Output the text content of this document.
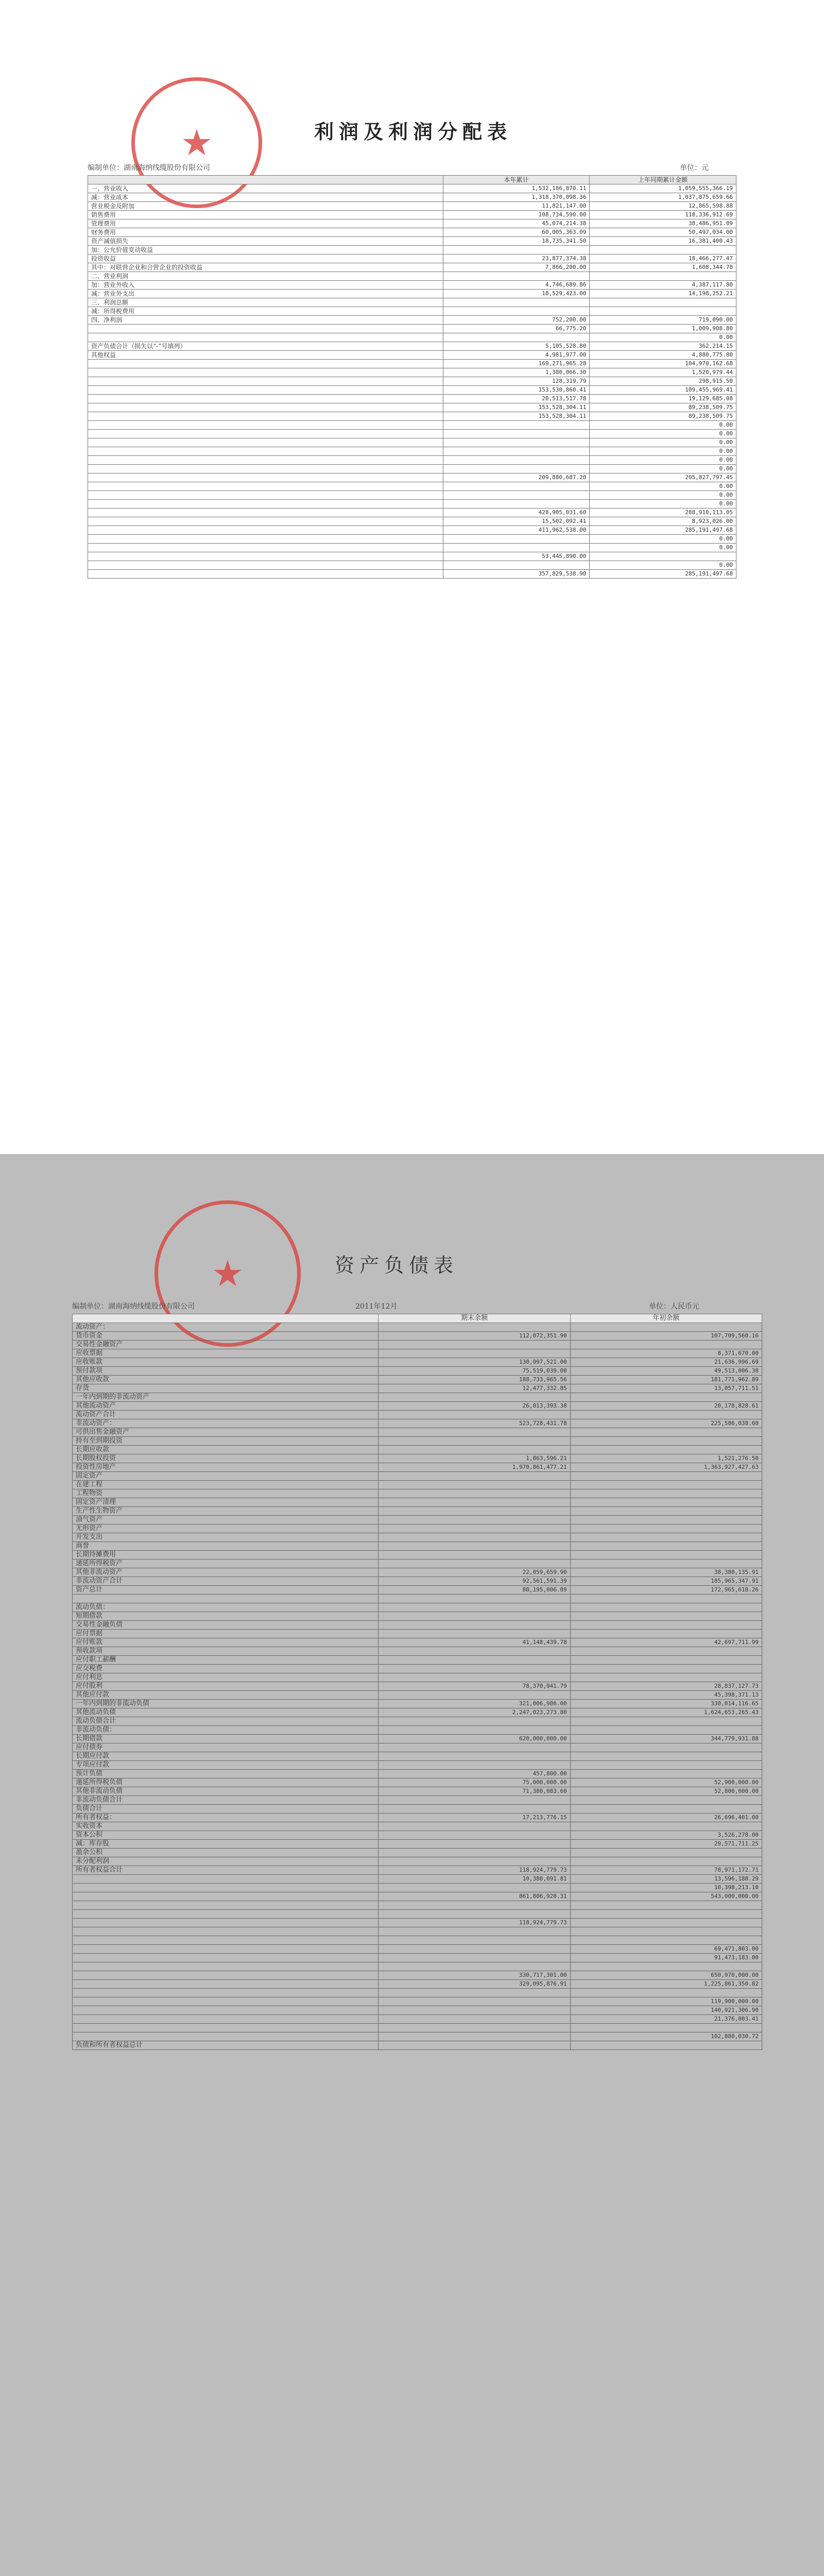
★	利润及利润分配表
编制单位：湖南海纳线缆股份有限公司	单位：元
	本年累计	上年同期累计金额
一、营业收入	1,532,186,870.11	1,059,555,366.19
减：营业成本	1,318,370,098.36	1,037,875,659.66
营业税金及附加	11,821,147.00	12,865,598.88
销售费用	108,734,590.00	118,336,912.69
管理费用	45,074,214.38	38,486,951.09
财务费用	60,005,363.09	50,497,034.00
资产减值损失	18,735,341.50	16,381,400.43
加：公允价值变动收益		
投资收益	23,877,374.38	18,466,277.47
其中：对联营企业和合营企业的投资收益	7,866,200.00	1,608,344.78
二、营业利润		
加：营业外收入	4,746,689.86	4,387,117.80
减：营业外支出	18,529,423.00	14,198,252.21
三、利润总额		
减：所得税费用		
四、净利润	752,200.00	719,090.00
	66,775.20	1,009,908.80
		0.00
资产负债合计（损失以“-”号填列）	5,105,528.80	362,214.15
其他权益	4,981,977.00	4,880,775.80
	169,271,965.28	104,970,162.68
	1,380,066.30	1,520,979.44
	128,319.79	298,915.50
	153,530,860.41	109,455,969.41
	20,513,517.78	19,129,685.08
	153,528,304.11	89,238,509.75
	153,528,304.11	89,238,509.75
		0.00
		0.00
		0.00
		0.00
		0.00
		0.00
	209,880,687.20	205,827,797.45
		0.00
		0.00
		0.00
	428,905,031.60	288,910,113.05
	15,502,092.41	8,923,026.00
	411,962,538.00	285,191,497.68
		0.00
		0.00
	53,445,890.00	
		0.00
	357,829,538.90	285,191,497.68
★	资产负债表
编制单位：湖南海纳线缆股份有限公司	2011年12月	单位：人民币元
	期末余额	年初余额
流动资产：		
货币资金	112,072,351.90	107,709,560.16
交易性金融资产		
应收票据		8,371,670.00
应收账款	130,097,521.00	21,636,996.69
预付款项	75,519,039.00	49,513,006.38
其他应收款	188,733,965.56	181,771,962.89
存货	12,477,332.85	13,057,711.51
一年内到期的非流动资产		
其他流动资产	26,813,393.38	20,178,828.61
流动资产合计		
非流动资产：	523,728,431.78	225,586,038.60
可供出售金融资产		
持有至到期投资		
长期应收款		
长期股权投资	1,863,596.21	1,521,276.50
投资性房地产	1,970,861,477.21	1,363,927,427.63
固定资产		
在建工程		
工程物资		
固定资产清理		
生产性生物资产		
油气资产		
无形资产		
开发支出		
商誉		
长期待摊费用		
递延所得税资产		
其他非流动资产	22,059,659.90	38,380,135.91
非流动资产合计	92,561,591.39	185,965,347.91
资产总计	88,195,006.09	172,965,618.26

流动负债：		
短期借款		
交易性金融负债		
应付票据		
应付账款	41,148,439.78	42,697,711.99
预收款项		
应付职工薪酬		
应交税费		
应付利息		
应付股利	78,370,941.79	28,837,127.73
其他应付款		45,398,371.13
一年内到期的非流动负债	321,006,986.00	330,014,116.65
其他流动负债	2,247,023,273.80	1,624,653,265.43
流动负债合计		
非流动负债：		
长期借款	620,000,000.00	344,779,931.88
应付债券		
长期应付款		
专项应付款		
预计负债	457,800.00	
递延所得税负债	75,000,000.00	52,900,000.00
其他非流动负债	71,380,083.60	52,800,000.00
非流动负债合计		
负债合计		
所有者权益：	17,213,776.15	26,696,401.00
实收资本		
资本公积		3,526,278.00
减：库存股		29,571,711.25
盈余公积		
未分配利润		
所有者权益合计	118,924,779.73	78,971,172.71
	10,380,091.81	13,596,188.29
		10,398,213.10
	861,806,920.31	543,000,000.00

	118,924,779.73	

		69,471,803.00
		91,473,183.00

	330,717,301.00	650,970,000.00
	329,095,876.91	1,225,861,350.82

		119,900,000.00
		140,921,306.90
		21,376,003.41

		102,880,030.72
负债和所有者权益总计		
